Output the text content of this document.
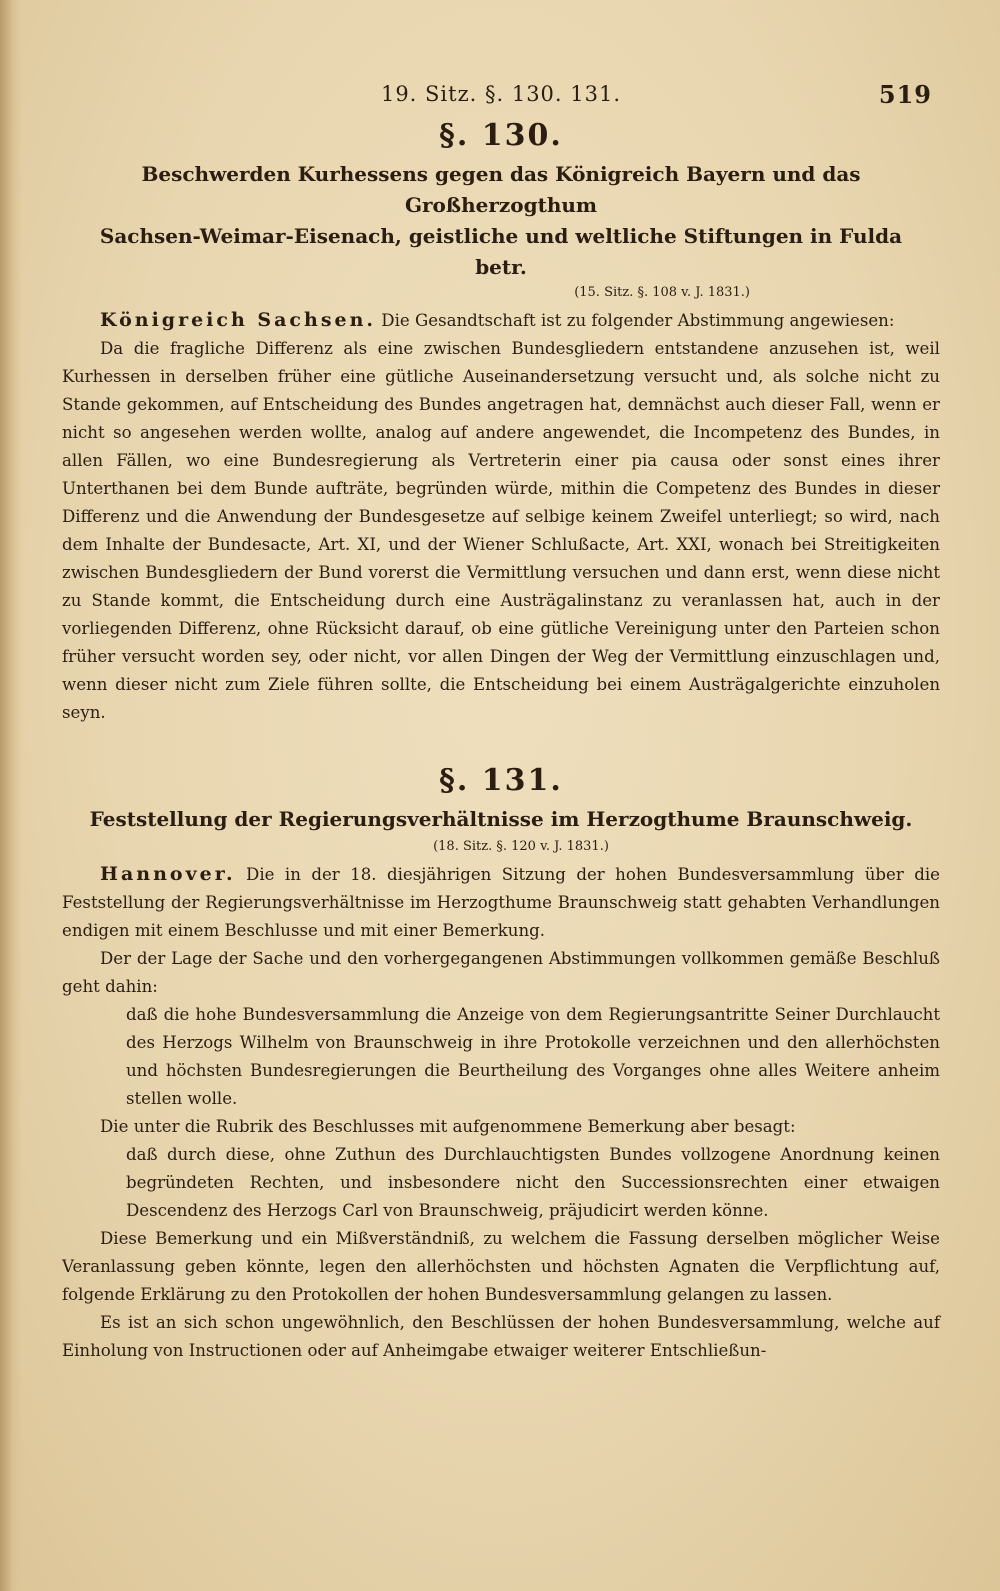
19. Sitz. §. 130. 131.	519
§. 130.
Beschwerden Kurhessens gegen das Königreich Bayern und das Großherzogthum
Sachsen-Weimar-Eisenach, geistliche und weltliche Stiftungen in Fulda betr.
(15. Sitz. §. 108 v. J. 1831.)

Königreich Sachsen. Die Gesandtschaft ist zu folgender Abstimmung angewiesen:

Da die fragliche Differenz als eine zwischen Bundesgliedern entstandene anzusehen ist, weil Kurhessen in derselben früher eine gütliche Auseinandersetzung versucht und, als solche nicht zu Stande gekommen, auf Entscheidung des Bundes angetragen hat, demnächst auch dieser Fall, wenn er nicht so angesehen werden wollte, analog auf andere angewendet, die Incompetenz des Bundes, in allen Fällen, wo eine Bundesregierung als Vertreterin einer pia causa oder sonst eines ihrer Unterthanen bei dem Bunde aufträte, begründen würde, mithin die Competenz des Bundes in dieser Differenz und die Anwendung der Bundesgesetze auf selbige keinem Zweifel unterliegt; so wird, nach dem Inhalte der Bundesacte, Art. XI, und der Wiener Schlußacte, Art. XXI, wonach bei Streitigkeiten zwischen Bundesgliedern der Bund vorerst die Vermittlung versuchen und dann erst, wenn diese nicht zu Stande kommt, die Entscheidung durch eine Austrägalinstanz zu veranlassen hat, auch in der vorliegenden Differenz, ohne Rücksicht darauf, ob eine gütliche Vereinigung unter den Parteien schon früher versucht worden sey, oder nicht, vor allen Dingen der Weg der Vermittlung einzuschlagen und, wenn dieser nicht zum Ziele führen sollte, die Entscheidung bei einem Austrägalgerichte einzuholen seyn.

§. 131.
Feststellung der Regierungsverhältnisse im Herzogthume Braunschweig.
(18. Sitz. §. 120 v. J. 1831.)

Hannover. Die in der 18. diesjährigen Sitzung der hohen Bundesversammlung über die Feststellung der Regierungsverhältnisse im Herzogthume Braunschweig statt gehabten Verhandlungen endigen mit einem Beschlusse und mit einer Bemerkung.

Der der Lage der Sache und den vorhergegangenen Abstimmungen vollkommen gemäße Beschluß geht dahin:

daß die hohe Bundesversammlung die Anzeige von dem Regierungsantritte Seiner Durchlaucht des Herzogs Wilhelm von Braunschweig in ihre Protokolle verzeichnen und den allerhöchsten und höchsten Bundesregierungen die Beurtheilung des Vorganges ohne alles Weitere anheim stellen wolle.

Die unter die Rubrik des Beschlusses mit aufgenommene Bemerkung aber besagt:

daß durch diese, ohne Zuthun des Durchlauchtigsten Bundes vollzogene Anordnung keinen begründeten Rechten, und insbesondere nicht den Successionsrechten einer etwaigen Descendenz des Herzogs Carl von Braunschweig, präjudicirt werden könne.

Diese Bemerkung und ein Mißverständniß, zu welchem die Fassung derselben möglicher Weise Veranlassung geben könnte, legen den allerhöchsten und höchsten Agnaten die Verpflichtung auf, folgende Erklärung zu den Protokollen der hohen Bundesversammlung gelangen zu lassen.

Es ist an sich schon ungewöhnlich, den Beschlüssen der hohen Bundesversammlung, welche auf Einholung von Instructionen oder auf Anheimgabe etwaiger weiterer Entschließun-
